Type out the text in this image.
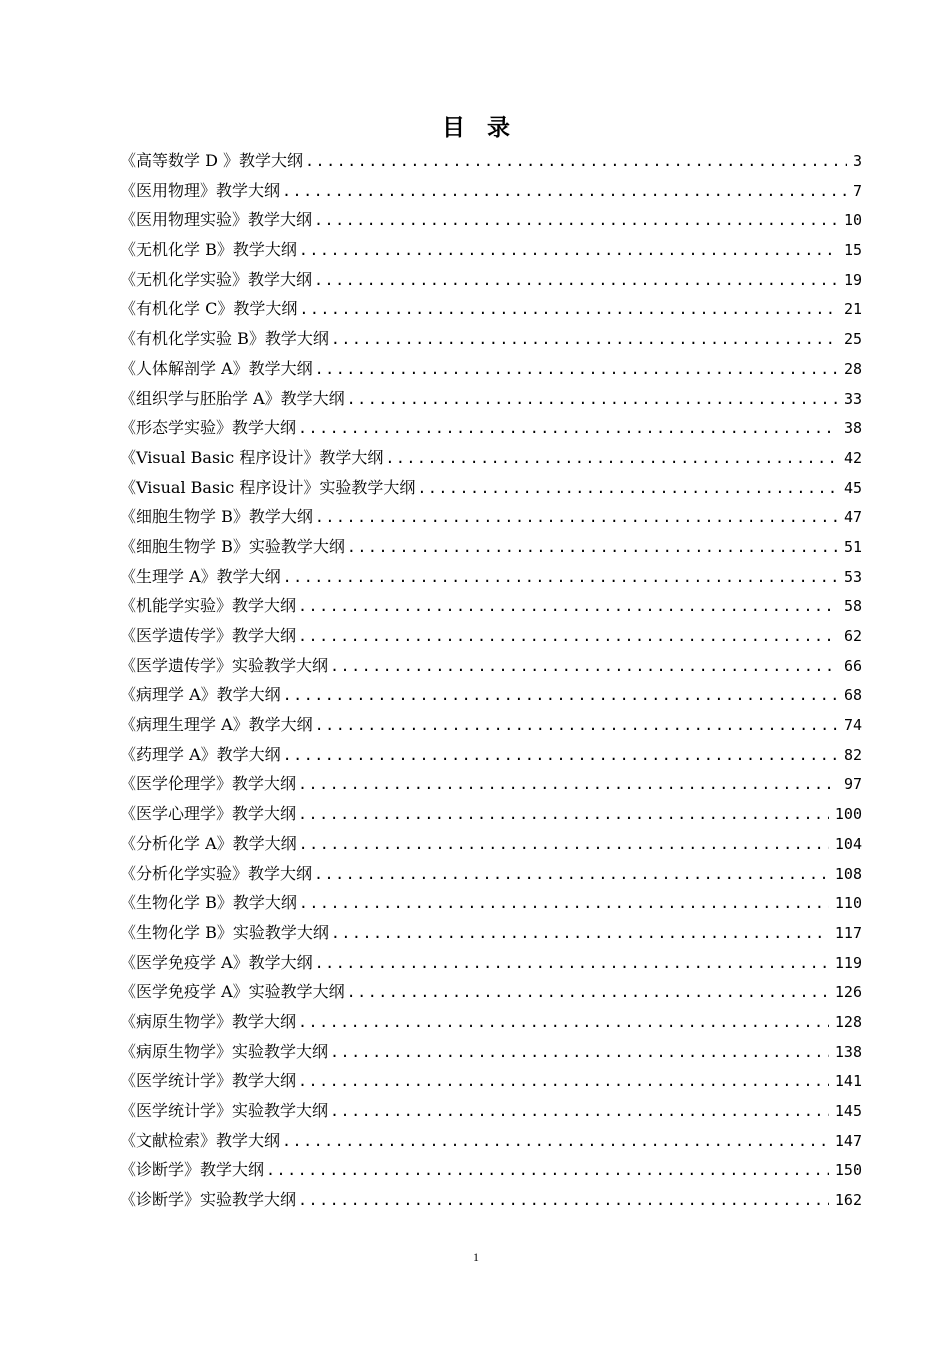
目录
《高等数学 D 》教学大纲 .....	3
《医用物理》教学大纲 .....	7
《医用物理实验》教学大纲 .....	10
《无机化学 B》教学大纲 .....	15
《无机化学实验》教学大纲 .....	19
《有机化学 C》教学大纲 .....	21
《有机化学实验 B》教学大纲 .....	25
《人体解剖学 A》教学大纲 .....	28
《组织学与胚胎学 A》教学大纲 .....	33
《形态学实验》教学大纲 .....	38
《Visual Basic 程序设计》教学大纲 .....	42
《Visual Basic 程序设计》实验教学大纲 .....	45
《细胞生物学 B》教学大纲 .....	47
《细胞生物学 B》实验教学大纲 .....	51
《生理学 A》教学大纲 .....	53
《机能学实验》教学大纲 .....	58
《医学遗传学》教学大纲 .....	62
《医学遗传学》实验教学大纲 .....	66
《病理学 A》教学大纲 .....	68
《病理生理学 A》教学大纲 .....	74
《药理学 A》教学大纲 .....	82
《医学伦理学》教学大纲 .....	97
《医学心理学》教学大纲 .....	100
《分析化学 A》教学大纲 .....	104
《分析化学实验》教学大纲 .....	108
《生物化学 B》教学大纲 .....	110
《生物化学 B》实验教学大纲 .....	117
《医学免疫学 A》教学大纲 .....	119
《医学免疫学 A》实验教学大纲 .....	126
《病原生物学》教学大纲 .....	128
《病原生物学》实验教学大纲 .....	138
《医学统计学》教学大纲 .....	141
《医学统计学》实验教学大纲 .....	145
《文献检索》教学大纲 .....	147
《诊断学》教学大纲 .....	150
《诊断学》实验教学大纲 .....	162
1
